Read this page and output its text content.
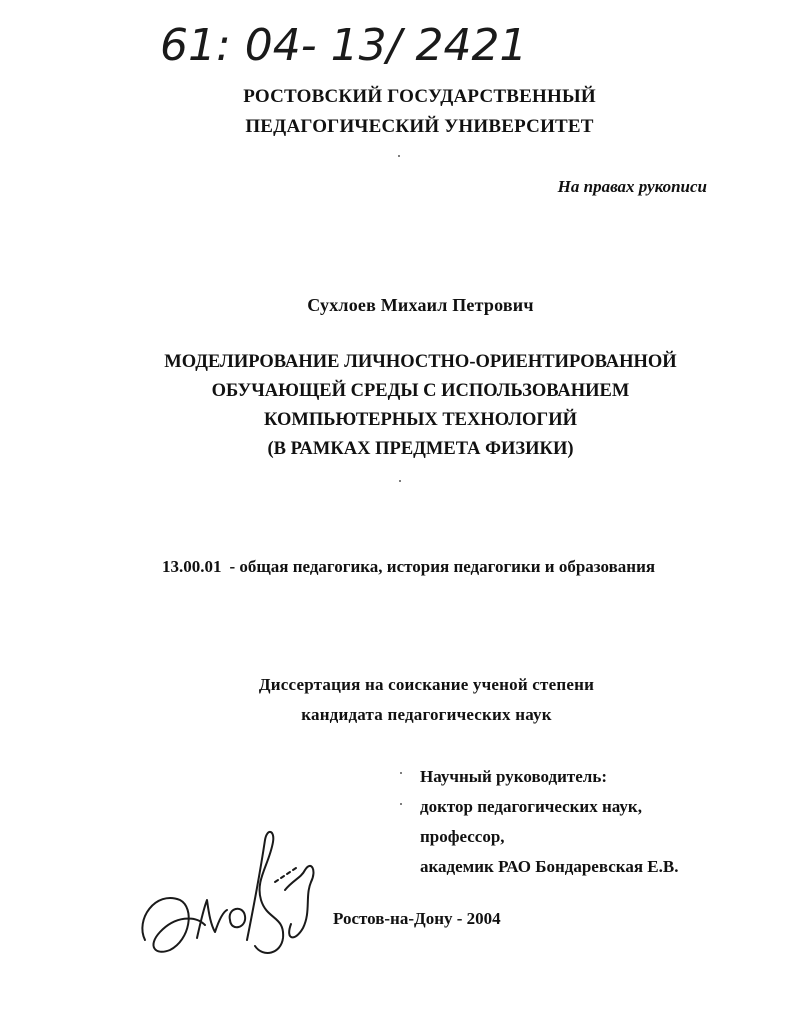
61: 04- 13/ 2421
РОСТОВСКИЙ ГОСУДАРСТВЕННЫЙ
ПЕДАГОГИЧЕСКИЙ УНИВЕРСИТЕТ
На правах рукописи
Сухлоев Михаил Петрович
МОДЕЛИРОВАНИЕ ЛИЧНОСТНО-ОРИЕНТИРОВАННОЙ
ОБУЧАЮЩЕЙ СРЕДЫ С ИСПОЛЬЗОВАНИЕМ
КОМПЬЮТЕРНЫХ ТЕХНОЛОГИЙ
(В РАМКАХ ПРЕДМЕТА ФИЗИКИ)
13.00.01 - общая педагогика, история педагогики и образования
Диссертация на соискание ученой степени
кандидата педагогических наук
Научный руководитель:
доктор педагогических наук,
профессор,
академик РАО Бондаревская Е.В.
Ростов-на-Дону - 2004
